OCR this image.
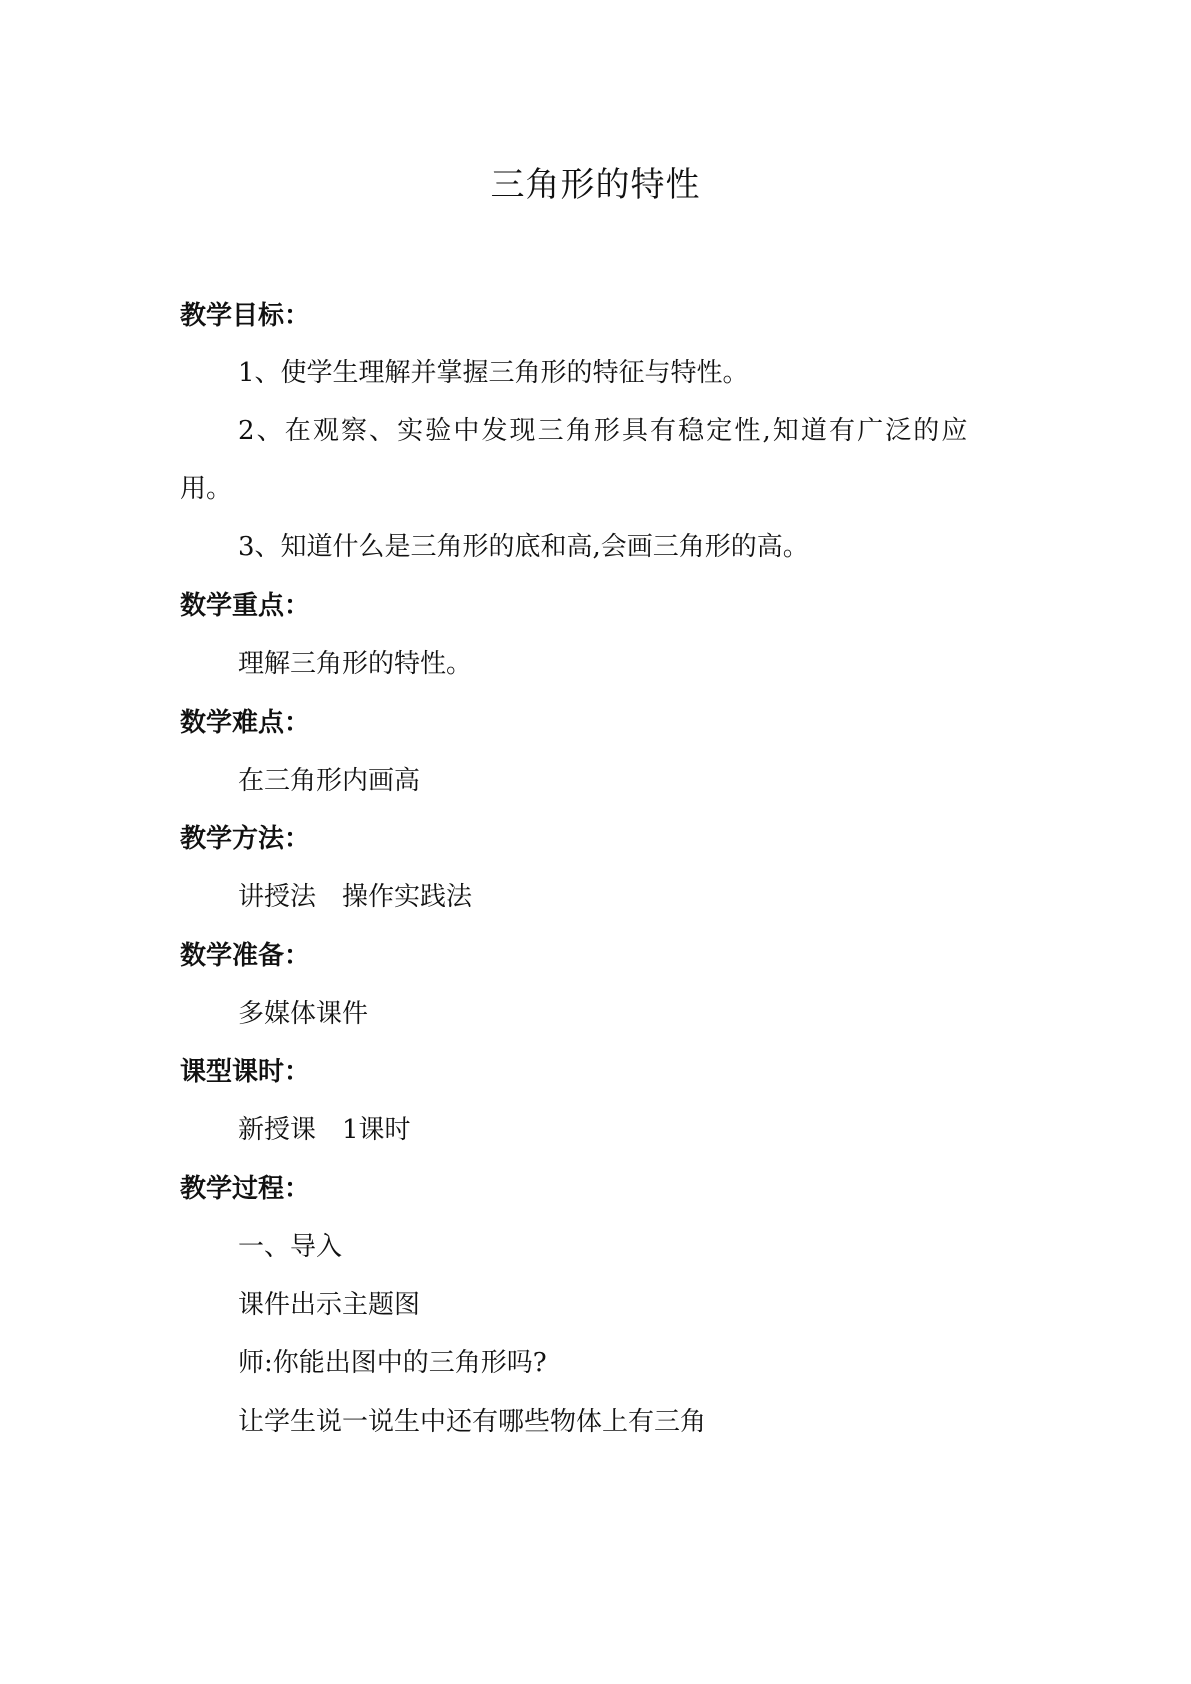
三角形的特性
教学目标：
1、使学生理解并掌握三角形的特征与特性。
2、在观察、实验中发现三角形具有稳定性,知道有广泛的应
用。
3、知道什么是三角形的底和高,会画三角形的高。
数学重点：
理解三角形的特性。
数学难点：
在三角形内画高
教学方法：
讲授法　操作实践法
数学准备：
多媒体课件
课型课时：
新授课　1课时
教学过程：
一、导入
课件出示主题图
师:你能出图中的三角形吗?
让学生说一说生中还有哪些物体上有三角
